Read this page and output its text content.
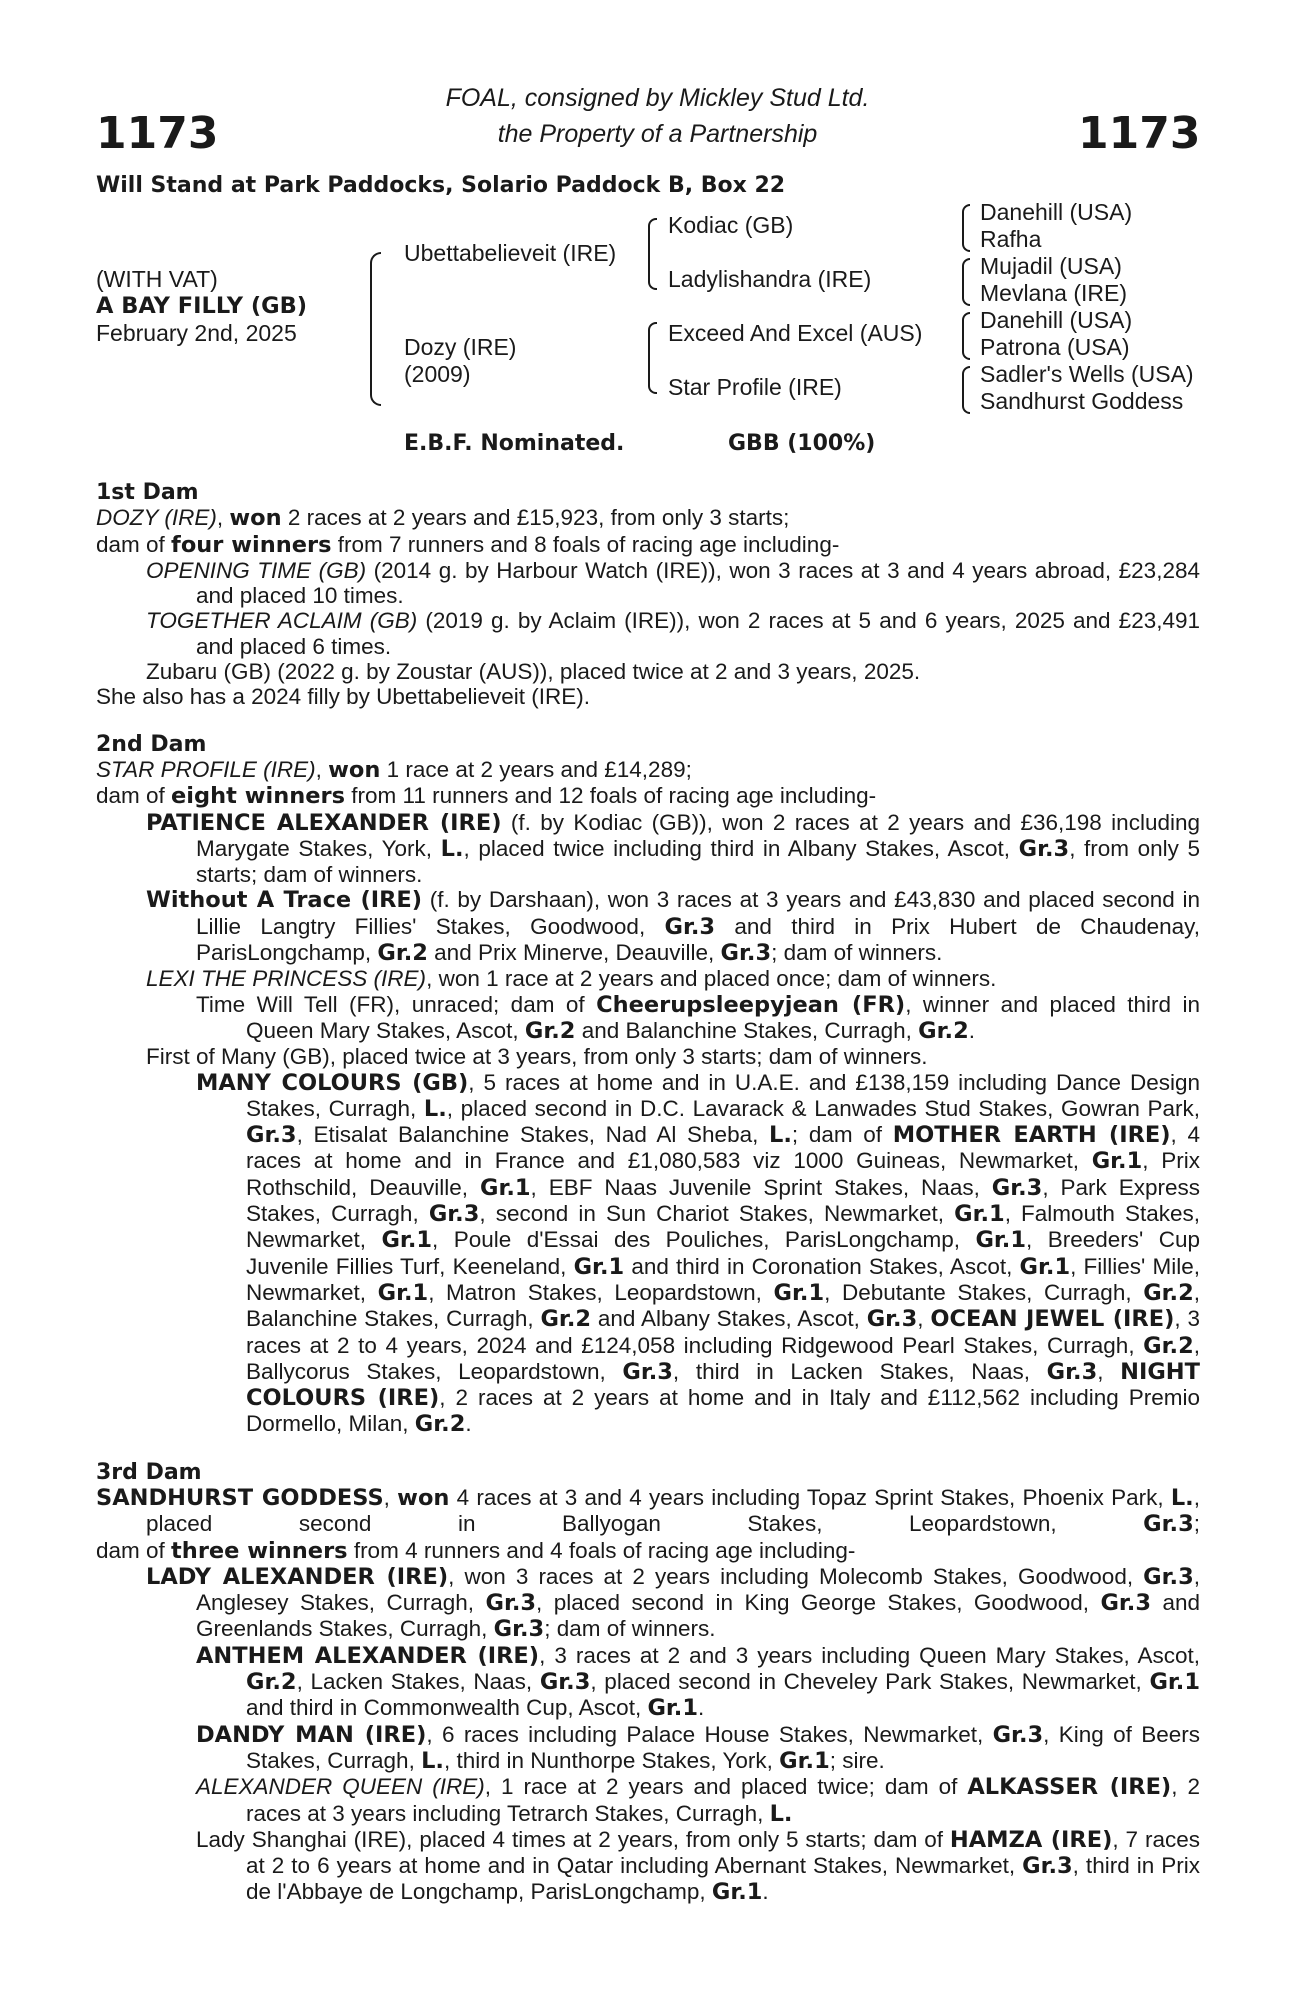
1173	1173
FOAL, consigned by Mickley Stud Ltd.
the Property of a Partnership
Will Stand at Park Paddocks, Solario Paddock B, Box 22
(WITH VAT)
A BAY FILLY (GB)
February 2nd, 2025
Ubettabelieveit (IRE)
Dozy (IRE)
(2009)
Kodiac (GB)
Ladylishandra (IRE)
Exceed And Excel (AUS)
Star Profile (IRE)
Danehill (USA)
Rafha
Mujadil (USA)
Mevlana (IRE)
Danehill (USA)
Patrona (USA)
Sadler's Wells (USA)
Sandhurst Goddess
E.B.F. Nominated.	GBB (100%)
1st Dam
DOZY (IRE), won 2 races at 2 years and £15,923, from only 3 starts;
dam of four winners from 7 runners and 8 foals of racing age including-
OPENING TIME (GB) (2014 g. by Harbour Watch (IRE)), won 3 races at 3 and 4 years abroad, £23,284 and placed 10 times.
TOGETHER ACLAIM (GB) (2019 g. by Aclaim (IRE)), won 2 races at 5 and 6 years, 2025 and £23,491 and placed 6 times.
Zubaru (GB) (2022 g. by Zoustar (AUS)), placed twice at 2 and 3 years, 2025.
She also has a 2024 filly by Ubettabelieveit (IRE).
2nd Dam
STAR PROFILE (IRE), won 1 race at 2 years and £14,289;
dam of eight winners from 11 runners and 12 foals of racing age including-
PATIENCE ALEXANDER (IRE) (f. by Kodiac (GB)), won 2 races at 2 years and £36,198 including Marygate Stakes, York, L., placed twice including third in Albany Stakes, Ascot, Gr.3, from only 5 starts; dam of winners.
Without A Trace (IRE) (f. by Darshaan), won 3 races at 3 years and £43,830 and placed second in Lillie Langtry Fillies' Stakes, Goodwood, Gr.3 and third in Prix Hubert de Chaudenay, ParisLongchamp, Gr.2 and Prix Minerve, Deauville, Gr.3; dam of winners.
LEXI THE PRINCESS (IRE), won 1 race at 2 years and placed once; dam of winners.
Time Will Tell (FR), unraced; dam of Cheerupsleepyjean (FR), winner and placed third in Queen Mary Stakes, Ascot, Gr.2 and Balanchine Stakes, Curragh, Gr.2.
First of Many (GB), placed twice at 3 years, from only 3 starts; dam of winners.
MANY COLOURS (GB), 5 races at home and in U.A.E. and £138,159 including Dance Design Stakes, Curragh, L., placed second in D.C. Lavarack & Lanwades Stud Stakes, Gowran Park, Gr.3, Etisalat Balanchine Stakes, Nad Al Sheba, L.; dam of MOTHER EARTH (IRE), 4 races at home and in France and £1,080,583 viz 1000 Guineas, Newmarket, Gr.1, Prix Rothschild, Deauville, Gr.1, EBF Naas Juvenile Sprint Stakes, Naas, Gr.3, Park Express Stakes, Curragh, Gr.3, second in Sun Chariot Stakes, Newmarket, Gr.1, Falmouth Stakes, Newmarket, Gr.1, Poule d'Essai des Pouliches, ParisLongchamp, Gr.1, Breeders' Cup Juvenile Fillies Turf, Keeneland, Gr.1 and third in Coronation Stakes, Ascot, Gr.1, Fillies' Mile, Newmarket, Gr.1, Matron Stakes, Leopardstown, Gr.1, Debutante Stakes, Curragh, Gr.2, Balanchine Stakes, Curragh, Gr.2 and Albany Stakes, Ascot, Gr.3, OCEAN JEWEL (IRE), 3 races at 2 to 4 years, 2024 and £124,058 including Ridgewood Pearl Stakes, Curragh, Gr.2, Ballycorus Stakes, Leopardstown, Gr.3, third in Lacken Stakes, Naas, Gr.3, NIGHT COLOURS (IRE), 2 races at 2 years at home and in Italy and £112,562 including Premio Dormello, Milan, Gr.2.
3rd Dam
SANDHURST GODDESS, won 4 races at 3 and 4 years including Topaz Sprint Stakes, Phoenix Park, L., placed second in Ballyogan Stakes, Leopardstown, Gr.3;
dam of three winners from 4 runners and 4 foals of racing age including-
LADY ALEXANDER (IRE), won 3 races at 2 years including Molecomb Stakes, Goodwood, Gr.3, Anglesey Stakes, Curragh, Gr.3, placed second in King George Stakes, Goodwood, Gr.3 and Greenlands Stakes, Curragh, Gr.3; dam of winners.
ANTHEM ALEXANDER (IRE), 3 races at 2 and 3 years including Queen Mary Stakes, Ascot, Gr.2, Lacken Stakes, Naas, Gr.3, placed second in Cheveley Park Stakes, Newmarket, Gr.1 and third in Commonwealth Cup, Ascot, Gr.1.
DANDY MAN (IRE), 6 races including Palace House Stakes, Newmarket, Gr.3, King of Beers Stakes, Curragh, L., third in Nunthorpe Stakes, York, Gr.1; sire.
ALEXANDER QUEEN (IRE), 1 race at 2 years and placed twice; dam of ALKASSER (IRE), 2 races at 3 years including Tetrarch Stakes, Curragh, L.
Lady Shanghai (IRE), placed 4 times at 2 years, from only 5 starts; dam of HAMZA (IRE), 7 races at 2 to 6 years at home and in Qatar including Abernant Stakes, Newmarket, Gr.3, third in Prix de l'Abbaye de Longchamp, ParisLongchamp, Gr.1.
